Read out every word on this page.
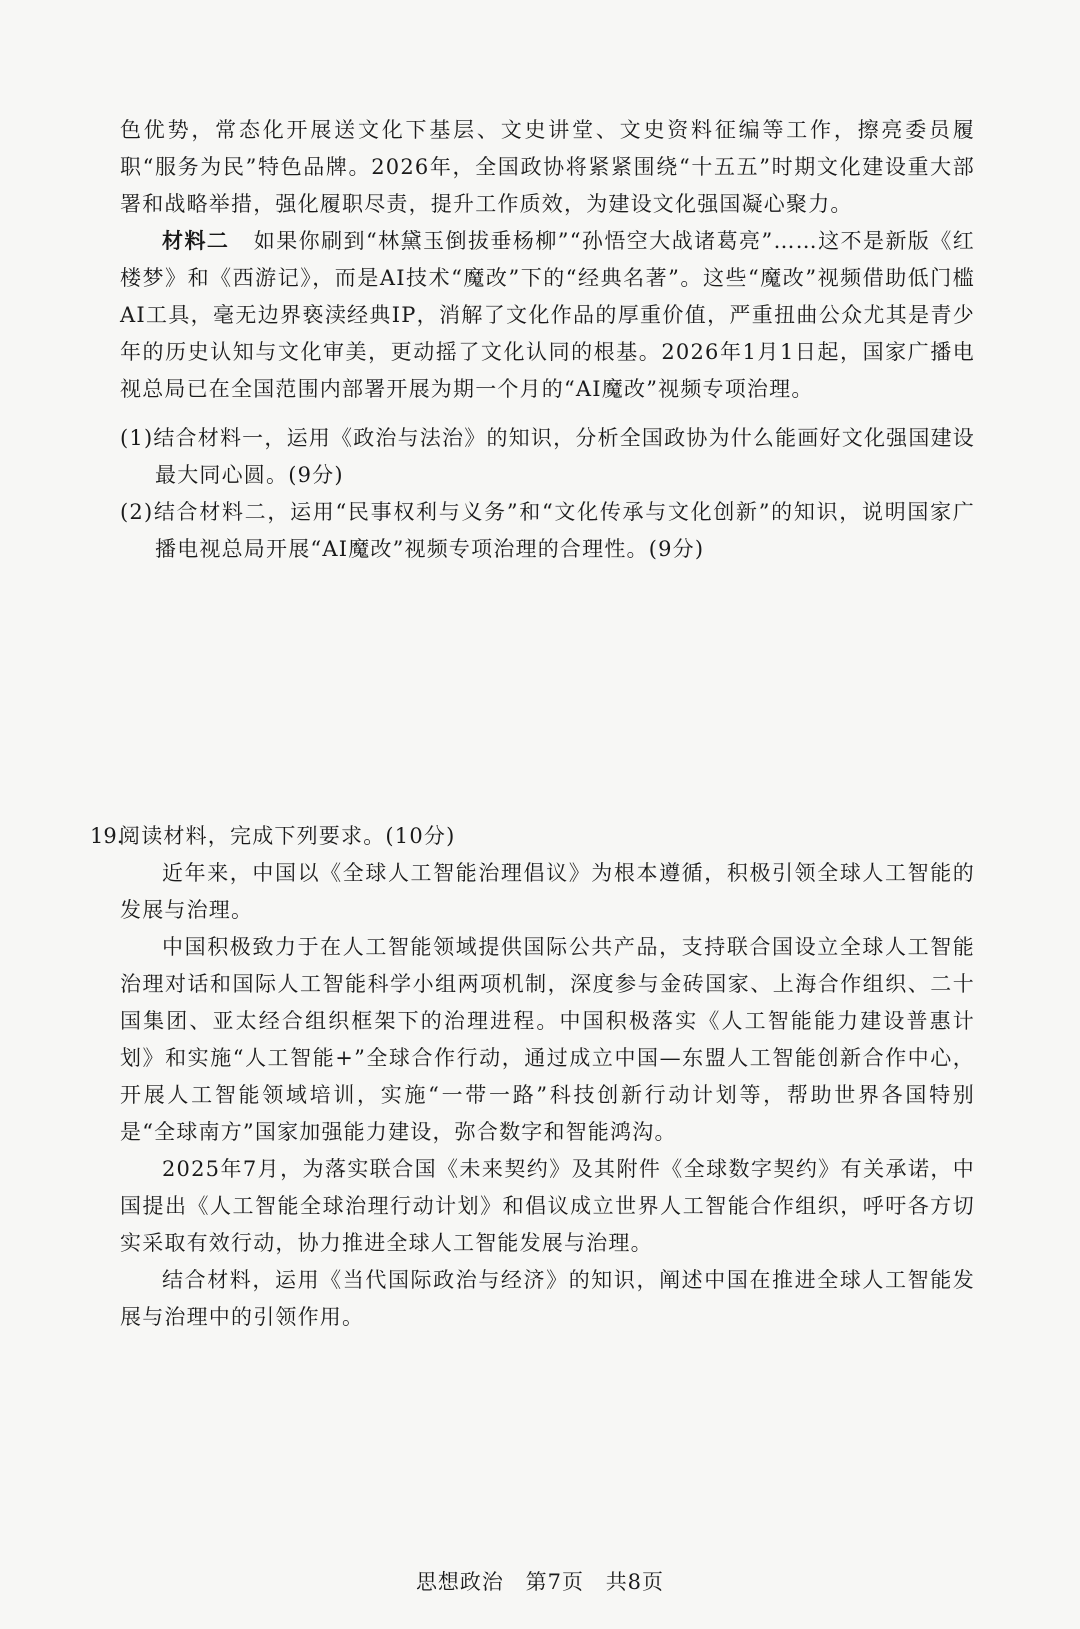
色优势，常态化开展送文化下基层、文史讲堂、文史资料征编等工作，擦亮委员履职“服务为民”特色品牌。2026年，全国政协将紧紧围绕“十五五”时期文化建设重大部署和战略举措，强化履职尽责，提升工作质效，为建设文化强国凝心聚力。

材料二 如果你刷到“林黛玉倒拔垂杨柳”“孙悟空大战诸葛亮”……这不是新版《红楼梦》和《西游记》，而是AI技术“魔改”下的“经典名著”。这些“魔改”视频借助低门槛AI工具，毫无边界亵渎经典IP，消解了文化作品的厚重价值，严重扭曲公众尤其是青少年的历史认知与文化审美，更动摇了文化认同的根基。2026年1月1日起，国家广播电视总局已在全国范围内部署开展为期一个月的“AI魔改”视频专项治理。

(1)结合材料一，运用《政治与法治》的知识，分析全国政协为什么能画好文化强国建设最大同心圆。(9分)

(2)结合材料二，运用“民事权利与义务”和“文化传承与文化创新”的知识，说明国家广播电视总局开展“AI魔改”视频专项治理的合理性。(9分)

19.

阅读材料，完成下列要求。(10分)

近年来，中国以《全球人工智能治理倡议》为根本遵循，积极引领全球人工智能的发展与治理。

中国积极致力于在人工智能领域提供国际公共产品，支持联合国设立全球人工智能治理对话和国际人工智能科学小组两项机制，深度参与金砖国家、上海合作组织、二十国集团、亚太经合组织框架下的治理进程。中国积极落实《人工智能能力建设普惠计划》和实施“人工智能+”全球合作行动，通过成立中国—东盟人工智能创新合作中心，开展人工智能领域培训，实施“一带一路”科技创新行动计划等，帮助世界各国特别是“全球南方”国家加强能力建设，弥合数字和智能鸿沟。

2025年7月，为落实联合国《未来契约》及其附件《全球数字契约》有关承诺，中国提出《人工智能全球治理行动计划》和倡议成立世界人工智能合作组织，呼吁各方切实采取有效行动，协力推进全球人工智能发展与治理。

结合材料，运用《当代国际政治与经济》的知识，阐述中国在推进全球人工智能发展与治理中的引领作用。

思想政治 第7页 共8页
